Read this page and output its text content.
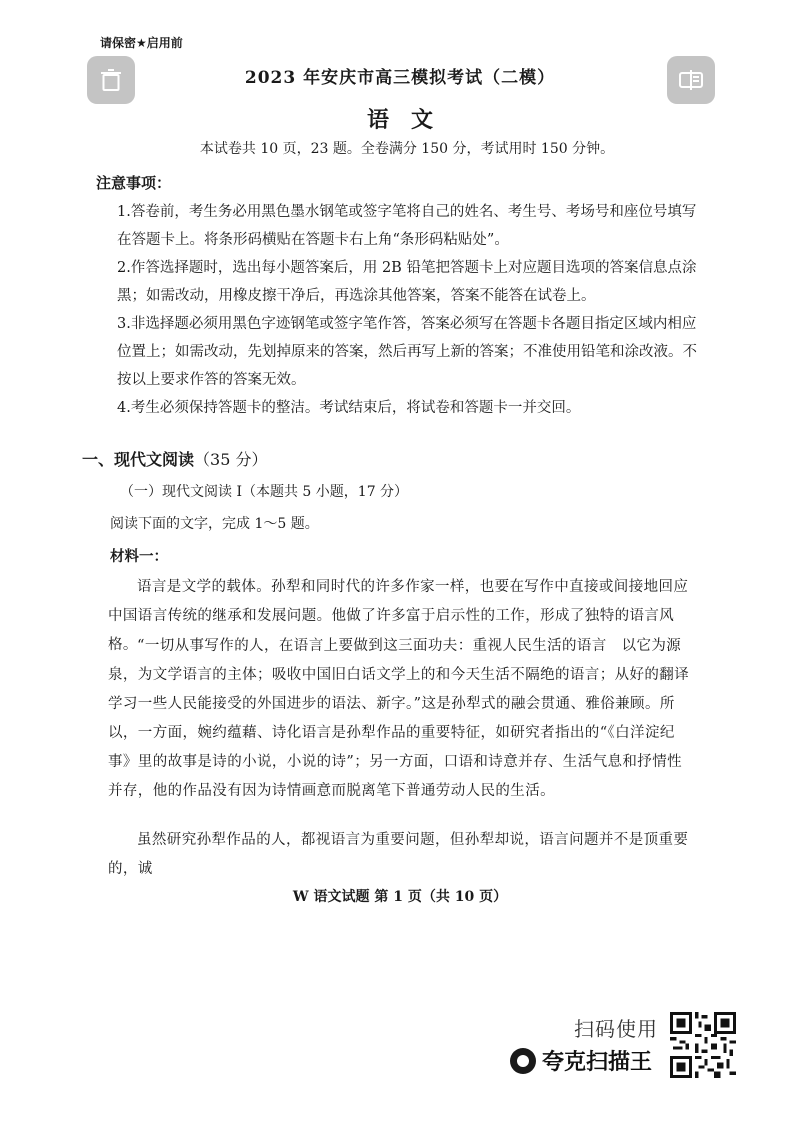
请保密★启用前
2023 年安庆市高三模拟考试（二模）
语文
本试卷共 10 页，23 题。全卷满分 150 分，考试用时 150 分钟。
注意事项：
1.答卷前，考生务必用黑色墨水钢笔或签字笔将自己的姓名、考生号、考场号和座位号填写在答题卡上。将条形码横贴在答题卡右上角“条形码粘贴处”。
2.作答选择题时，选出每小题答案后，用 2B 铅笔把答题卡上对应题目选项的答案信息点涂黑；如需改动，用橡皮擦干净后，再选涂其他答案，答案不能答在试卷上。
3.非选择题必须用黑色字迹钢笔或签字笔作答，答案必须写在答题卡各题目指定区域内相应位置上；如需改动，先划掉原来的答案，然后再写上新的答案；不准使用铅笔和涂改液。不按以上要求作答的答案无效。
4.考生必须保持答题卡的整洁。考试结束后，将试卷和答题卡一并交回。
一、现代文阅读（35 分）
（一）现代文阅读 I（本题共 5 小题，17 分）
阅读下面的文字，完成 1～5 题。
材料一：
语言是文学的载体。孙犁和同时代的许多作家一样，也要在写作中直接或间接地回应中国语言传统的继承和发展问题。他做了许多富于启示性的工作，形成了独特的语言风格。 “一切从事写作的人，在语言上要做到这三面功夫：重视人民生活的语言　以它为源泉，为文学语言的主体；吸收中国旧白话文学上的和今天生活不隔绝的语言；从好的翻译学习一些人民能接受的外国进步的语法、新字。”这是孙犁式的融会贯通、雅俗兼顾。所以，一方面，婉约蕴藉、诗化语言是孙犁作品的重要特征，如研究者指出的“《白洋淀纪事》里的故事是诗的小说，小说的诗”；另一方面，口语和诗意并存、生活气息和抒情性并存，他的作品没有因为诗情画意而脱离笔下普通劳动人民的生活。
虽然研究孙犁作品的人，都视语言为重要问题，但孙犁却说，语言问题并不是顶重要的，诚
W 语文试题 第 1 页（共 10 页）
扫码使用
夸克扫描王
